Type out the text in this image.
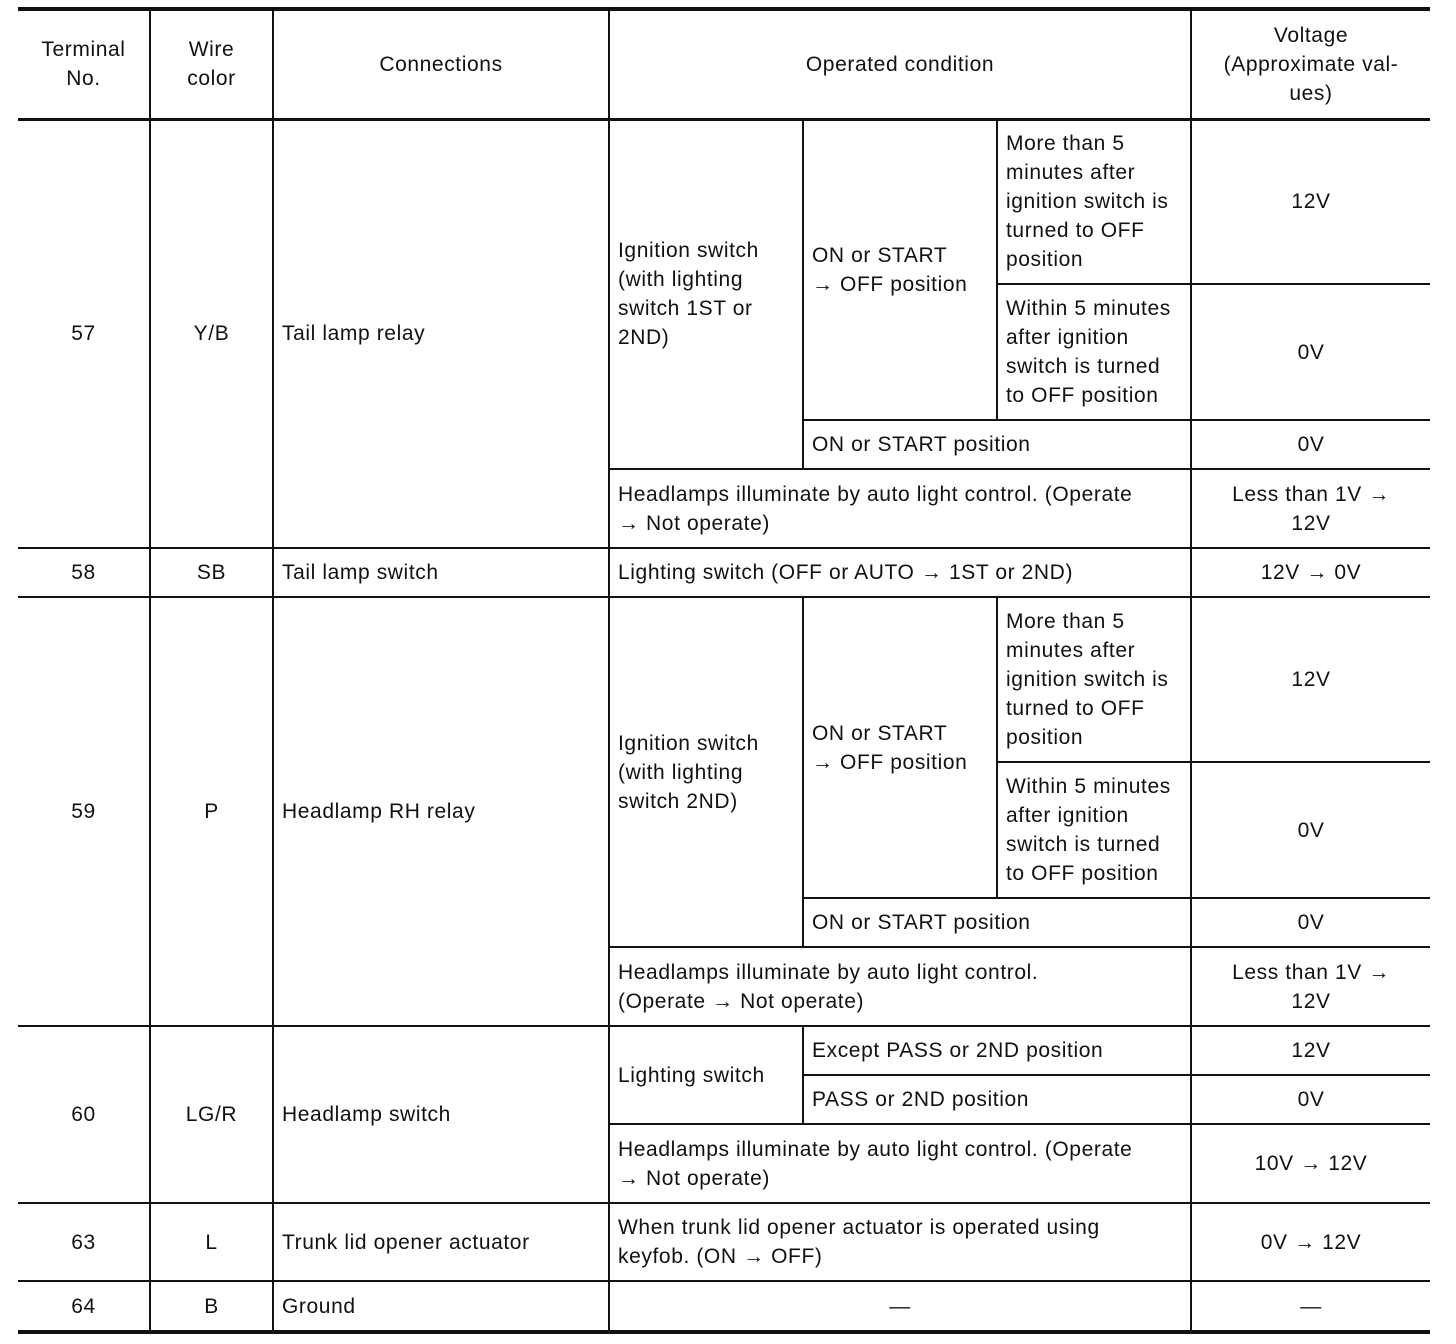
Terminal
No.	Wire
color	Connections	Operated condition			Voltage
(Approximate val-
ues)

57	Y/B	Tail lamp relay	Ignition switch
(with lighting
switch 1ST or
2ND)	ON or START
→ OFF position	More than 5
minutes after
ignition switch is
turned to OFF
position	12V

					Within 5 minutes
after ignition
switch is turned
to OFF position	0V

				ON or START position		0V

			Headlamps illuminate by auto light control. (Operate
→ Not operate)			Less than 1V →
12V

58	SB	Tail lamp switch	Lighting switch (OFF or AUTO → 1ST or 2ND)			12V → 0V

59	P	Headlamp RH relay	Ignition switch
(with lighting
switch 2ND)	ON or START
→ OFF position	More than 5
minutes after
ignition switch is
turned to OFF
position	12V

					Within 5 minutes
after ignition
switch is turned
to OFF position	0V

				ON or START position		0V

			Headlamps illuminate by auto light control.
(Operate → Not operate)			Less than 1V →
12V

60	LG/R	Headlamp switch	Lighting switch	Except PASS or 2ND position		12V

				PASS or 2ND position		0V

			Headlamps illuminate by auto light control. (Operate
→ Not operate)			10V → 12V

63	L	Trunk lid opener actuator	When trunk lid opener actuator is operated using
keyfob. (ON → OFF)			0V → 12V

64	B	Ground	—			—
